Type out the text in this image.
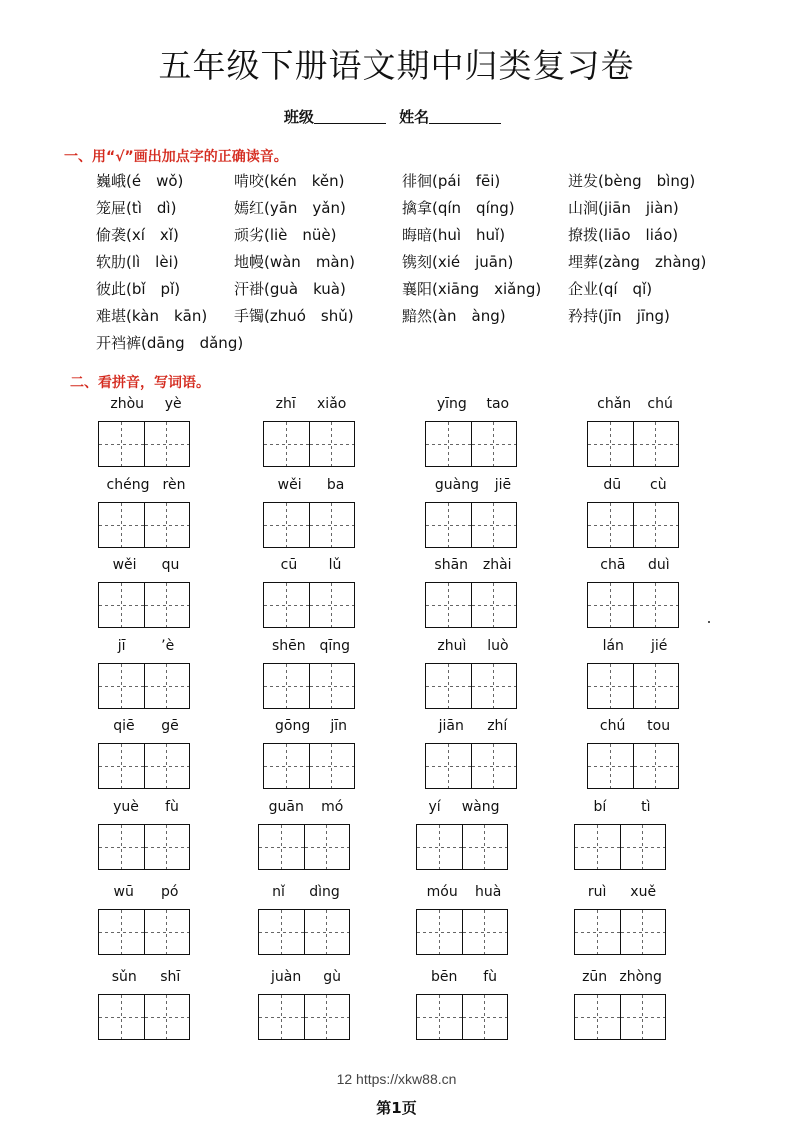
五年级下册语文期中归类复习卷
班级	姓名
一、用“√”画出加点字的正确读音。
巍峨(é　wǒ)	啃咬(kén　kěn)	徘徊(pái　fēi)	迸发(bèng　bìng)
笼屉(tì　dì)	嫣红(yān　yǎn)	擒拿(qín　qíng)	山涧(jiān　jiàn)
偷袭(xí　xǐ)	顽劣(liè　nüè)	晦暗(huì　huǐ)	撩拨(liāo　liáo)
软肋(lì　lèi)	地幔(wàn　màn)	镌刻(xié　juān)	埋葬(zàng　zhàng)
彼此(bǐ　pǐ)	汗褂(guà　kuà)	襄阳(xiāng　xiǎng) 企业(qí　qǐ)
难堪(kàn　kān) 手镯(zhuó　shǔ)	黯然(àn　àng)	矜持(jīn　jīng)
开裆裤(dāng　dǎng)
二、看拼音，写词语。
zhòu yè	zhī xiǎo	yīng tao	chǎn chú
chéng rèn	wěi ba	guàng jiē	dū cù
wěi qu	cū lǔ	shān zhài	chā duì
jī	’è	shēn qīng	zhuì luò	lán jié
qiē gē	gōng jīn	jiān zhí	chú tou
yuè fù	guān mó	yí wàng	bí tì
wū pó	nǐ dìng	móu huà	ruì xuě
sǔn shī	juàn gù	bēn fù	zūn zhòng
12 https://xkw88.cn
第1页
